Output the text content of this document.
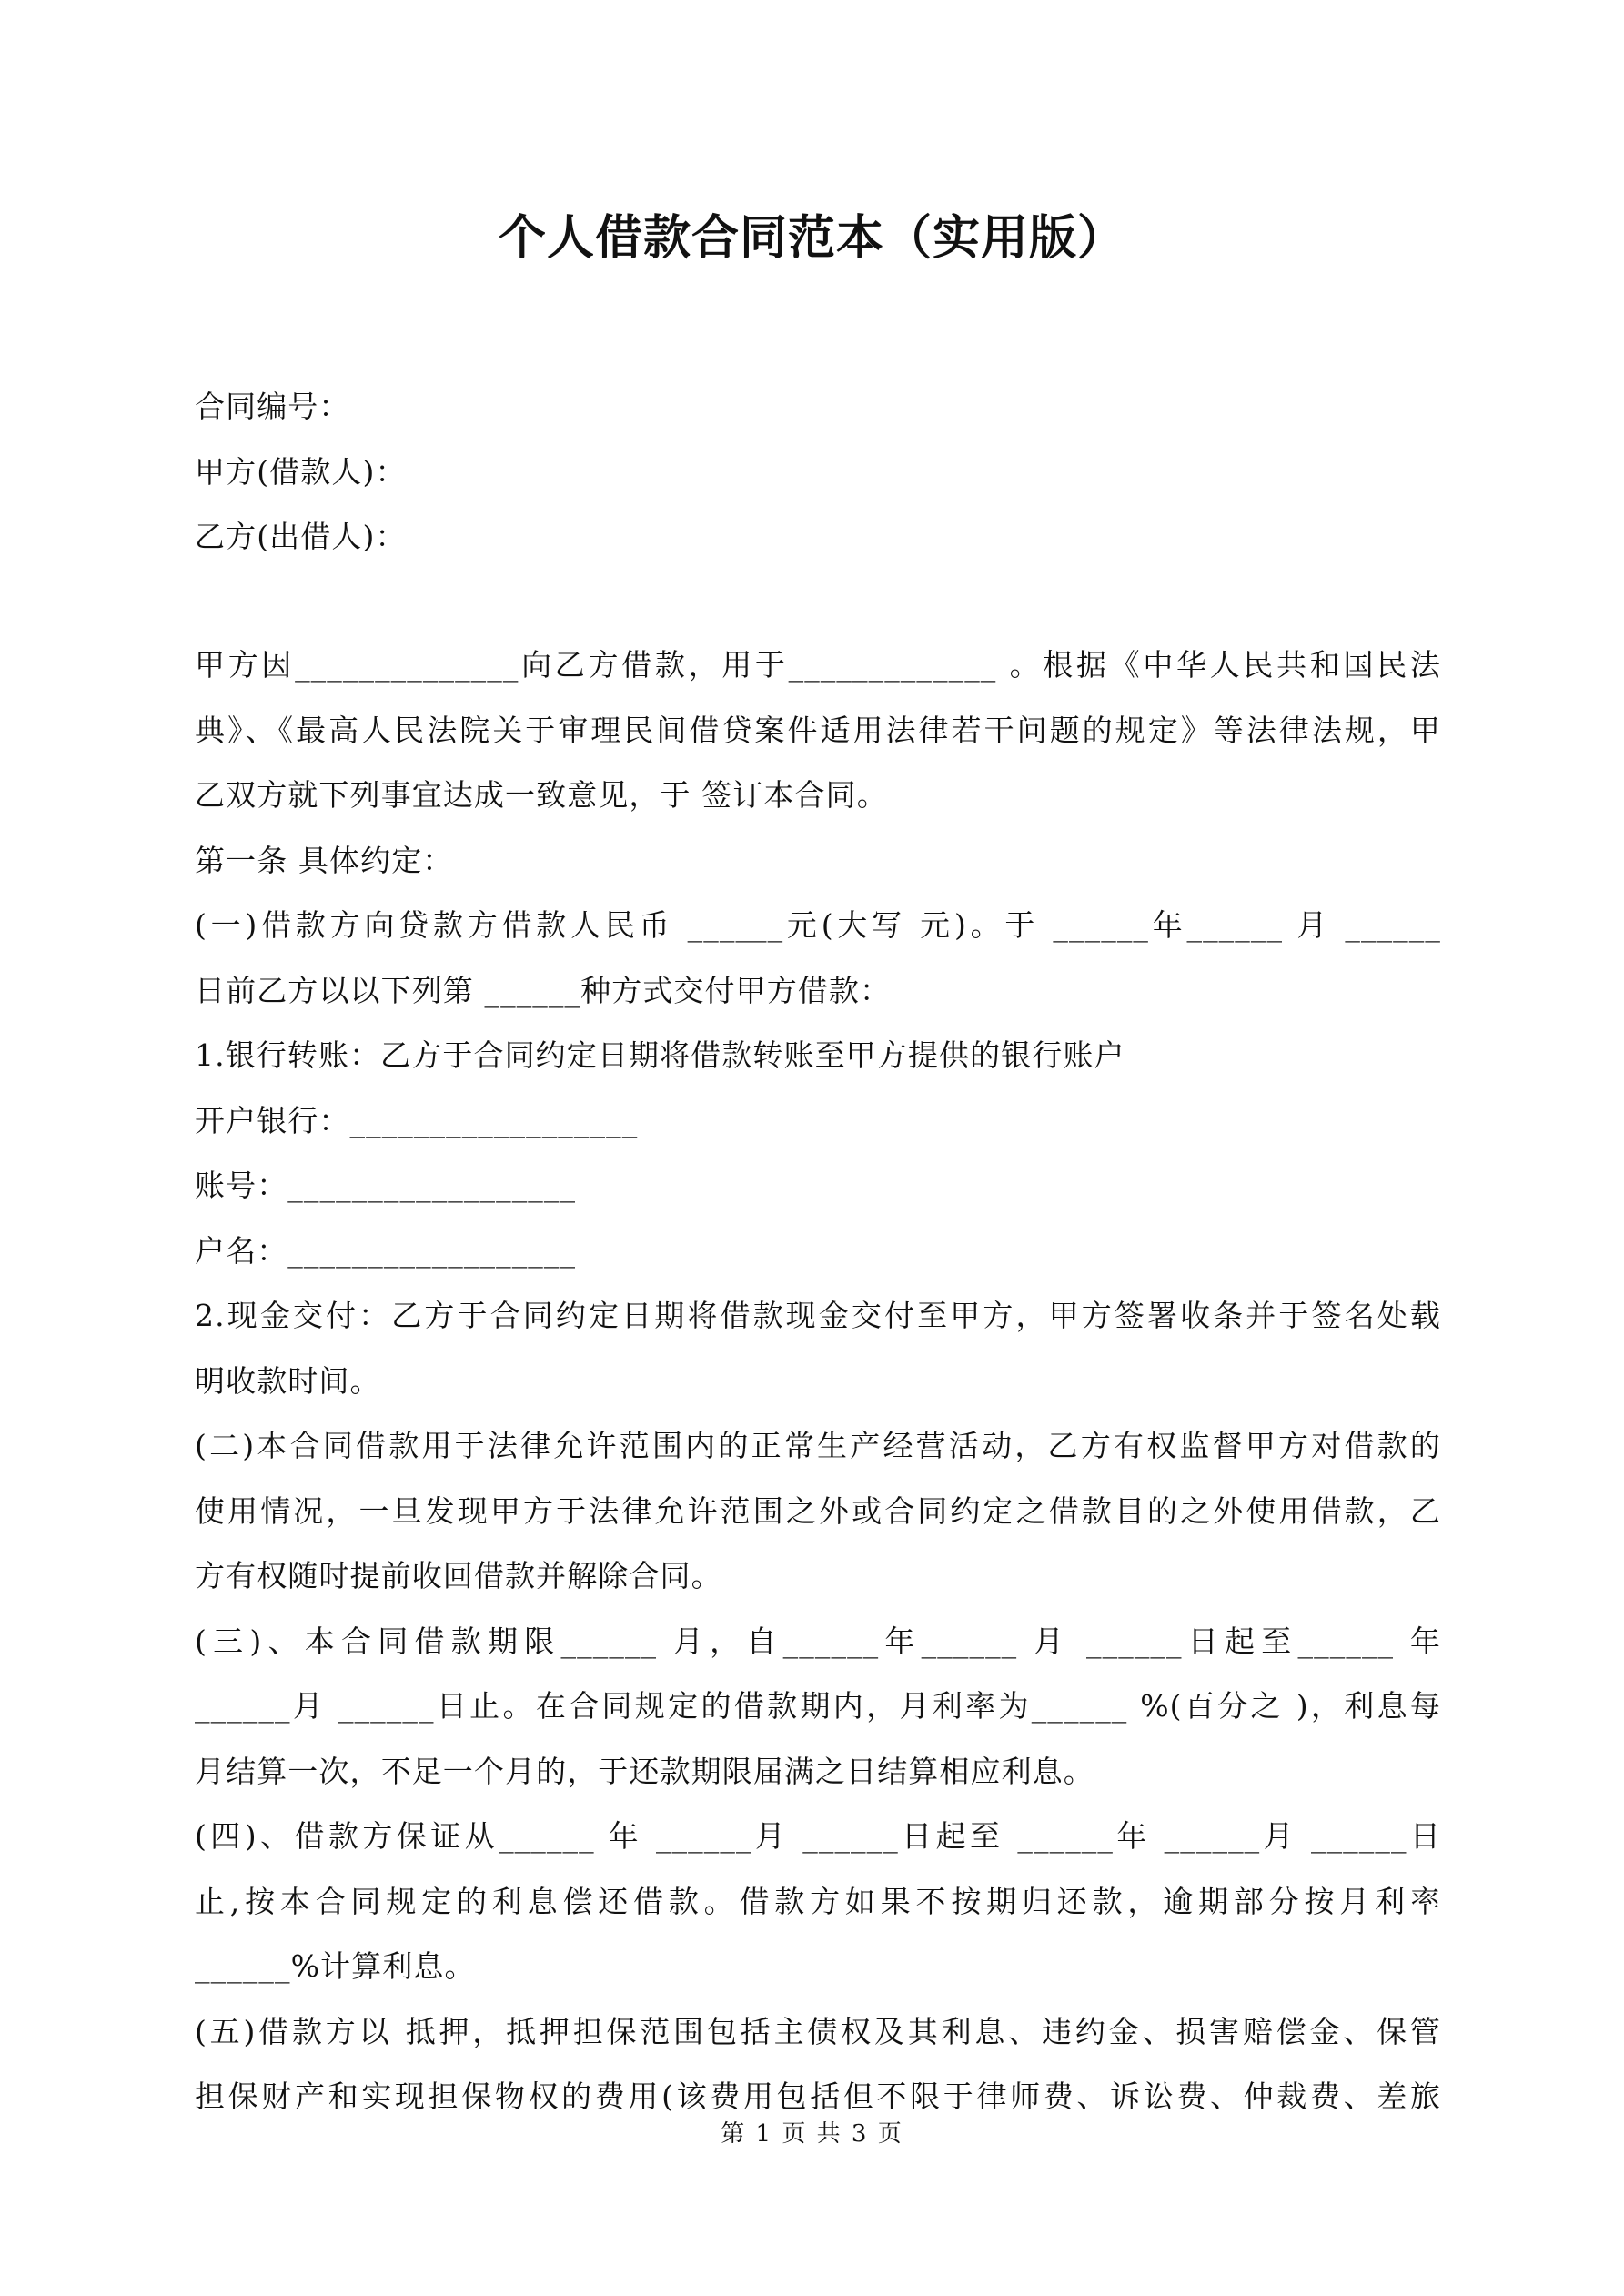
个人借款合同范本（实用版）
合同编号：
甲方(借款人)：
乙方(出借人)：
甲方因______________向乙方借款，用于_____________ 。根据《中华人民共和国民法
典》、《最高人民法院关于审理民间借贷案件适用法律若干问题的规定》等法律法规，甲
乙双方就下列事宜达成一致意见，于 签订本合同。
第一条 具体约定：
(一)借款方向贷款方借款人民币 ______元(大写 元)。于 ______年______ 月 ______
日前乙方以以下列第 ______种方式交付甲方借款：
1.银行转账：乙方于合同约定日期将借款转账至甲方提供的银行账户
开户银行：__________________
账号：__________________
户名：__________________
2.现金交付：乙方于合同约定日期将借款现金交付至甲方，甲方签署收条并于签名处载
明收款时间。
(二)本合同借款用于法律允许范围内的正常生产经营活动，乙方有权监督甲方对借款的
使用情况，一旦发现甲方于法律允许范围之外或合同约定之借款目的之外使用借款，乙
方有权随时提前收回借款并解除合同。
(三)、本合同借款期限______ 月，自______年______ 月 ______日起至______ 年
______月 ______日止。在合同规定的借款期内，月利率为______ %(百分之 )，利息每
月结算一次，不足一个月的，于还款期限届满之日结算相应利息。
(四)、借款方保证从______ 年 ______月 ______日起至 ______年 ______月 ______日
止,按本合同规定的利息偿还借款。借款方如果不按期归还款，逾期部分按月利率
______%计算利息。
(五)借款方以 抵押，抵押担保范围包括主债权及其利息、违约金、损害赔偿金、保管
担保财产和实现担保物权的费用(该费用包括但不限于律师费、诉讼费、仲裁费、差旅
第 1 页 共 3 页
